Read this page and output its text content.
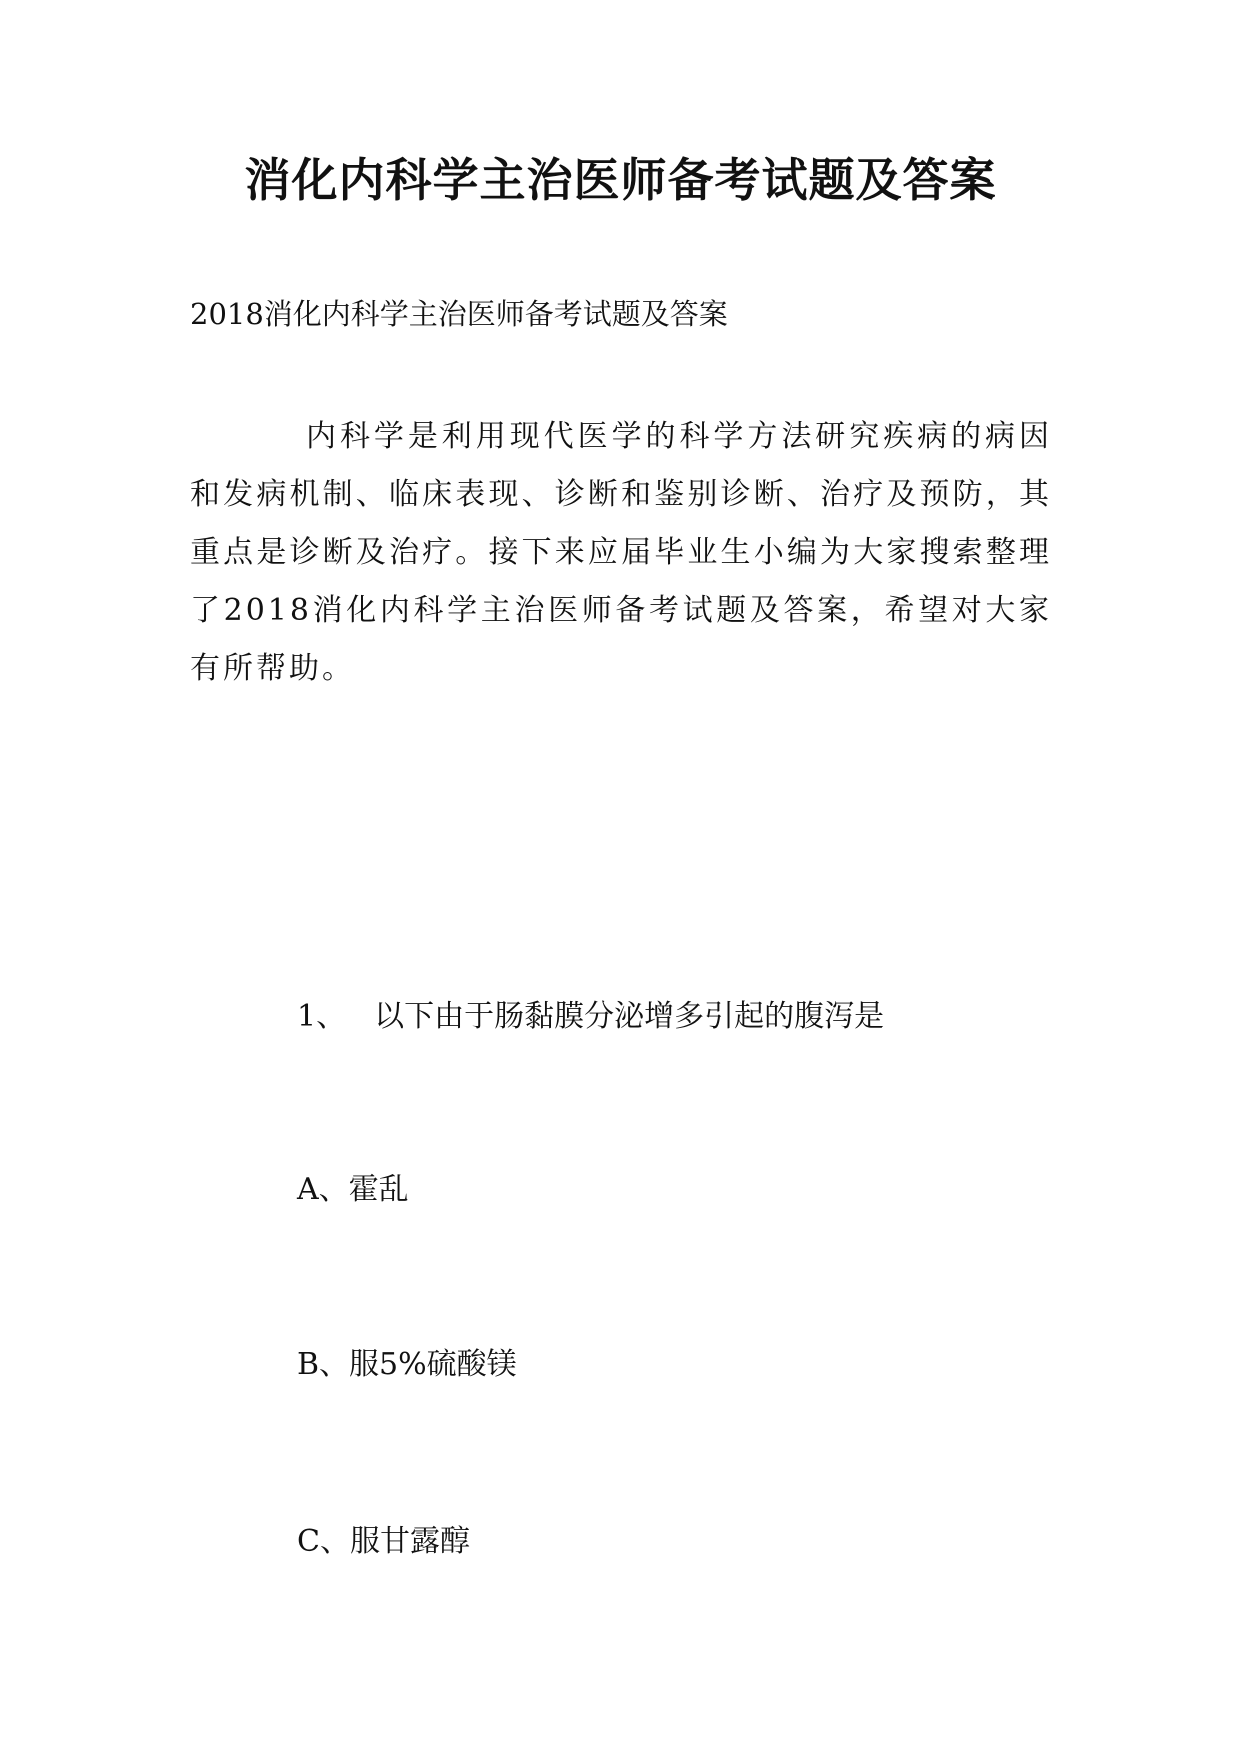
消化内科学主治医师备考试题及答案

2018消化内科学主治医师备考试题及答案

内科学是利用现代医学的科学方法研究疾病的病因和发病机制、临床表现、诊断和鉴别诊断、治疗及预防，其重点是诊断及治疗。接下来应届毕业生小编为大家搜索整理了2018消化内科学主治医师备考试题及答案，希望对大家有所帮助。

1、 以下由于肠黏膜分泌增多引起的腹泻是

A、霍乱

B、服5%硫酸镁

C、服甘露醇
